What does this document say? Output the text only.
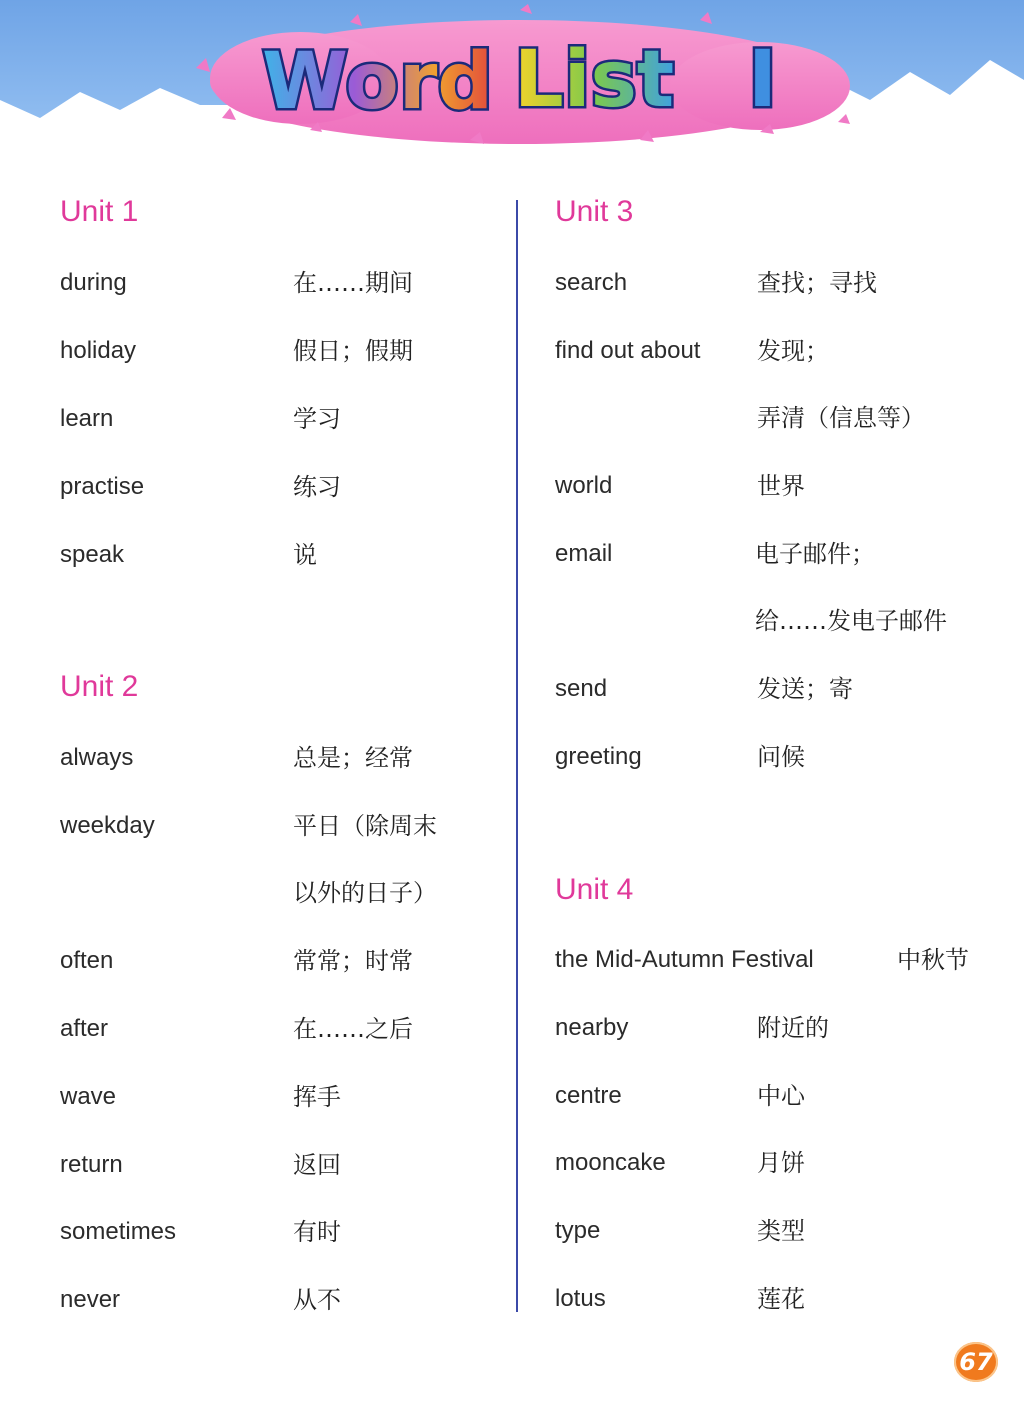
Word List I
Unit 1
during	在……期间
holiday	假日；假期
learn	学习
practise	练习
speak	说
Unit 2
always	总是；经常
weekday	平日（除周末
以外的日子）
often	常常；时常
after	在……之后
wave	挥手
return	返回
sometimes	有时
never	从不
Unit 3
search	查找；寻找
find out about 发现；
弄清（信息等）
world	世界
email	电子邮件；
给……发电子邮件
send	发送；寄
greeting	问候
Unit 4
the Mid-Autumn Festival	中秋节
nearby	附近的
centre	中心
mooncake	月饼
type	类型
lotus	莲花
67
